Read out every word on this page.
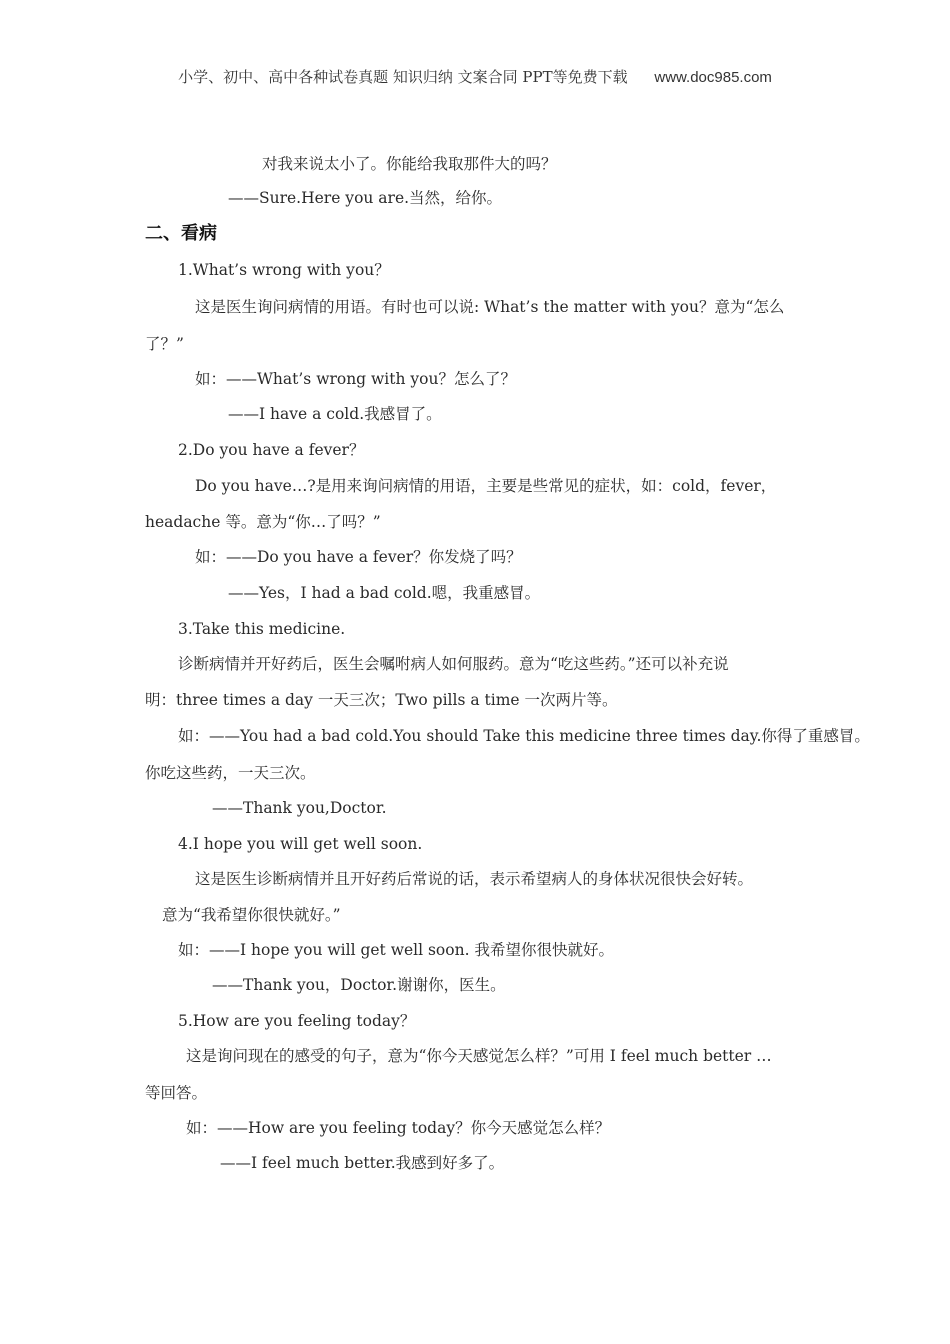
小学、初中、高中各种试卷真题 知识归纳 文案合同 PPT等免费下载 www.doc985.com
对我来说太小了。你能给我取那件大的吗？
——Sure.Here you are.当然，给你。
二、看病
1.What’s wrong with you？
这是医生询问病情的用语。有时也可以说: What’s the matter with you？意为“怎么
了？”
如：——What’s wrong with you？怎么了？
——I have a cold.我感冒了。
2.Do you have a fever？
Do you have…?是用来询问病情的用语，主要是些常见的症状，如：cold，fever，
headache 等。意为“你…了吗？”
如：——Do you have a fever？你发烧了吗？
——Yes，I had a bad cold.嗯，我重感冒。
3.Take this medicine.
诊断病情并开好药后，医生会嘱咐病人如何服药。意为“吃这些药。”还可以补充说
明：three times a day 一天三次；Two pills a time 一次两片等。
如：——You had a bad cold.You should Take this medicine three times day.你得了重感冒。
你吃这些药，一天三次。
——Thank you,Doctor.
4.I hope you will get well soon.
这是医生诊断病情并且开好药后常说的话，表示希望病人的身体状况很快会好转。
意为“我希望你很快就好。”
如：——I hope you will get well soon. 我希望你很快就好。
——Thank you，Doctor.谢谢你，医生。
5.How are you feeling today？
这是询问现在的感受的句子，意为“你今天感觉怎么样？”可用 I feel much better …
等回答。
如：——How are you feeling today？你今天感觉怎么样？
——I feel much better.我感到好多了。
